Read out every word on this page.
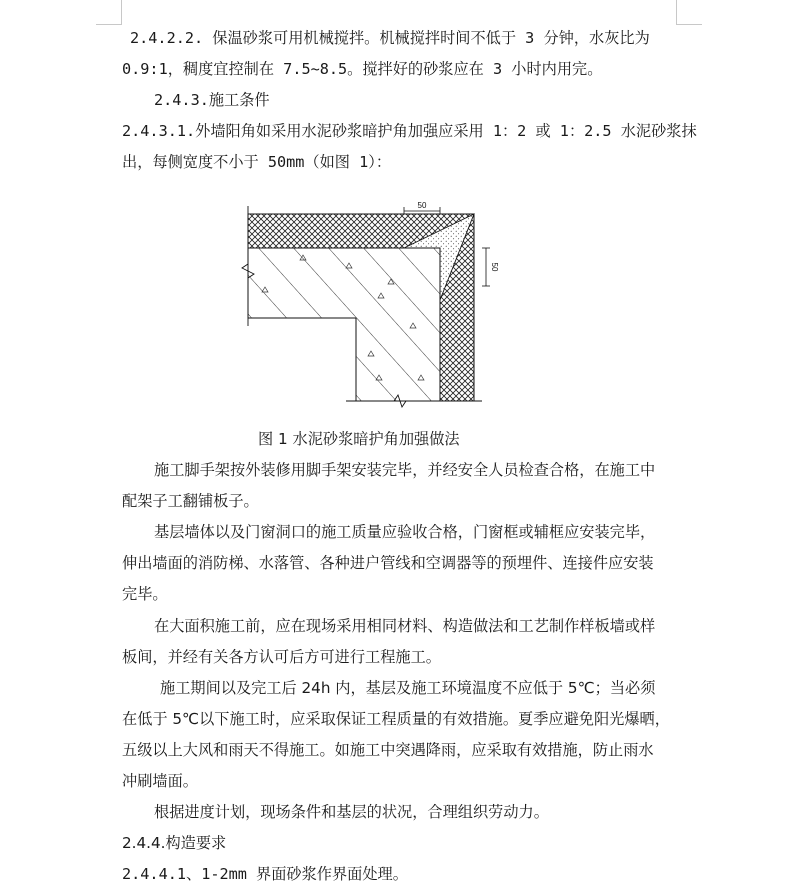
2.4.2.2. 保温砂浆可用机械搅拌。机械搅拌时间不低于 3 分钟，水灰比为
0.9:1，稠度宜控制在 7.5~8.5。搅拌好的砂浆应在 3 小时内用完。
2.4.3.施工条件
2.4.3.1.外墙阳角如采用水泥砂浆暗护角加强应采用 1：2 或 1：2.5 水泥砂浆抹
出，每侧宽度不小于 50mm（如图 1）：
50
50
图 1 水泥砂浆暗护角加强做法
施工脚手架按外装修用脚手架安装完毕，并经安全人员检查合格，在施工中
配架子工翻铺板子。
基层墙体以及门窗洞口的施工质量应验收合格，门窗框或辅框应安装完毕，
伸出墙面的消防梯、水落管、各种进户管线和空调器等的预埋件、连接件应安装
完毕。
在大面积施工前，应在现场采用相同材料、构造做法和工艺制作样板墙或样
板间，并经有关各方认可后方可进行工程施工。
施工期间以及完工后 24h 内，基层及施工环境温度不应低于 5℃；当必须
在低于 5℃以下施工时，应采取保证工程质量的有效措施。夏季应避免阳光爆晒，
五级以上大风和雨天不得施工。如施工中突遇降雨，应采取有效措施，防止雨水
冲刷墙面。
根据进度计划，现场条件和基层的状况，合理组织劳动力。
2.4.4.构造要求
2.4.4.1、1-2mm 界面砂浆作界面处理。
